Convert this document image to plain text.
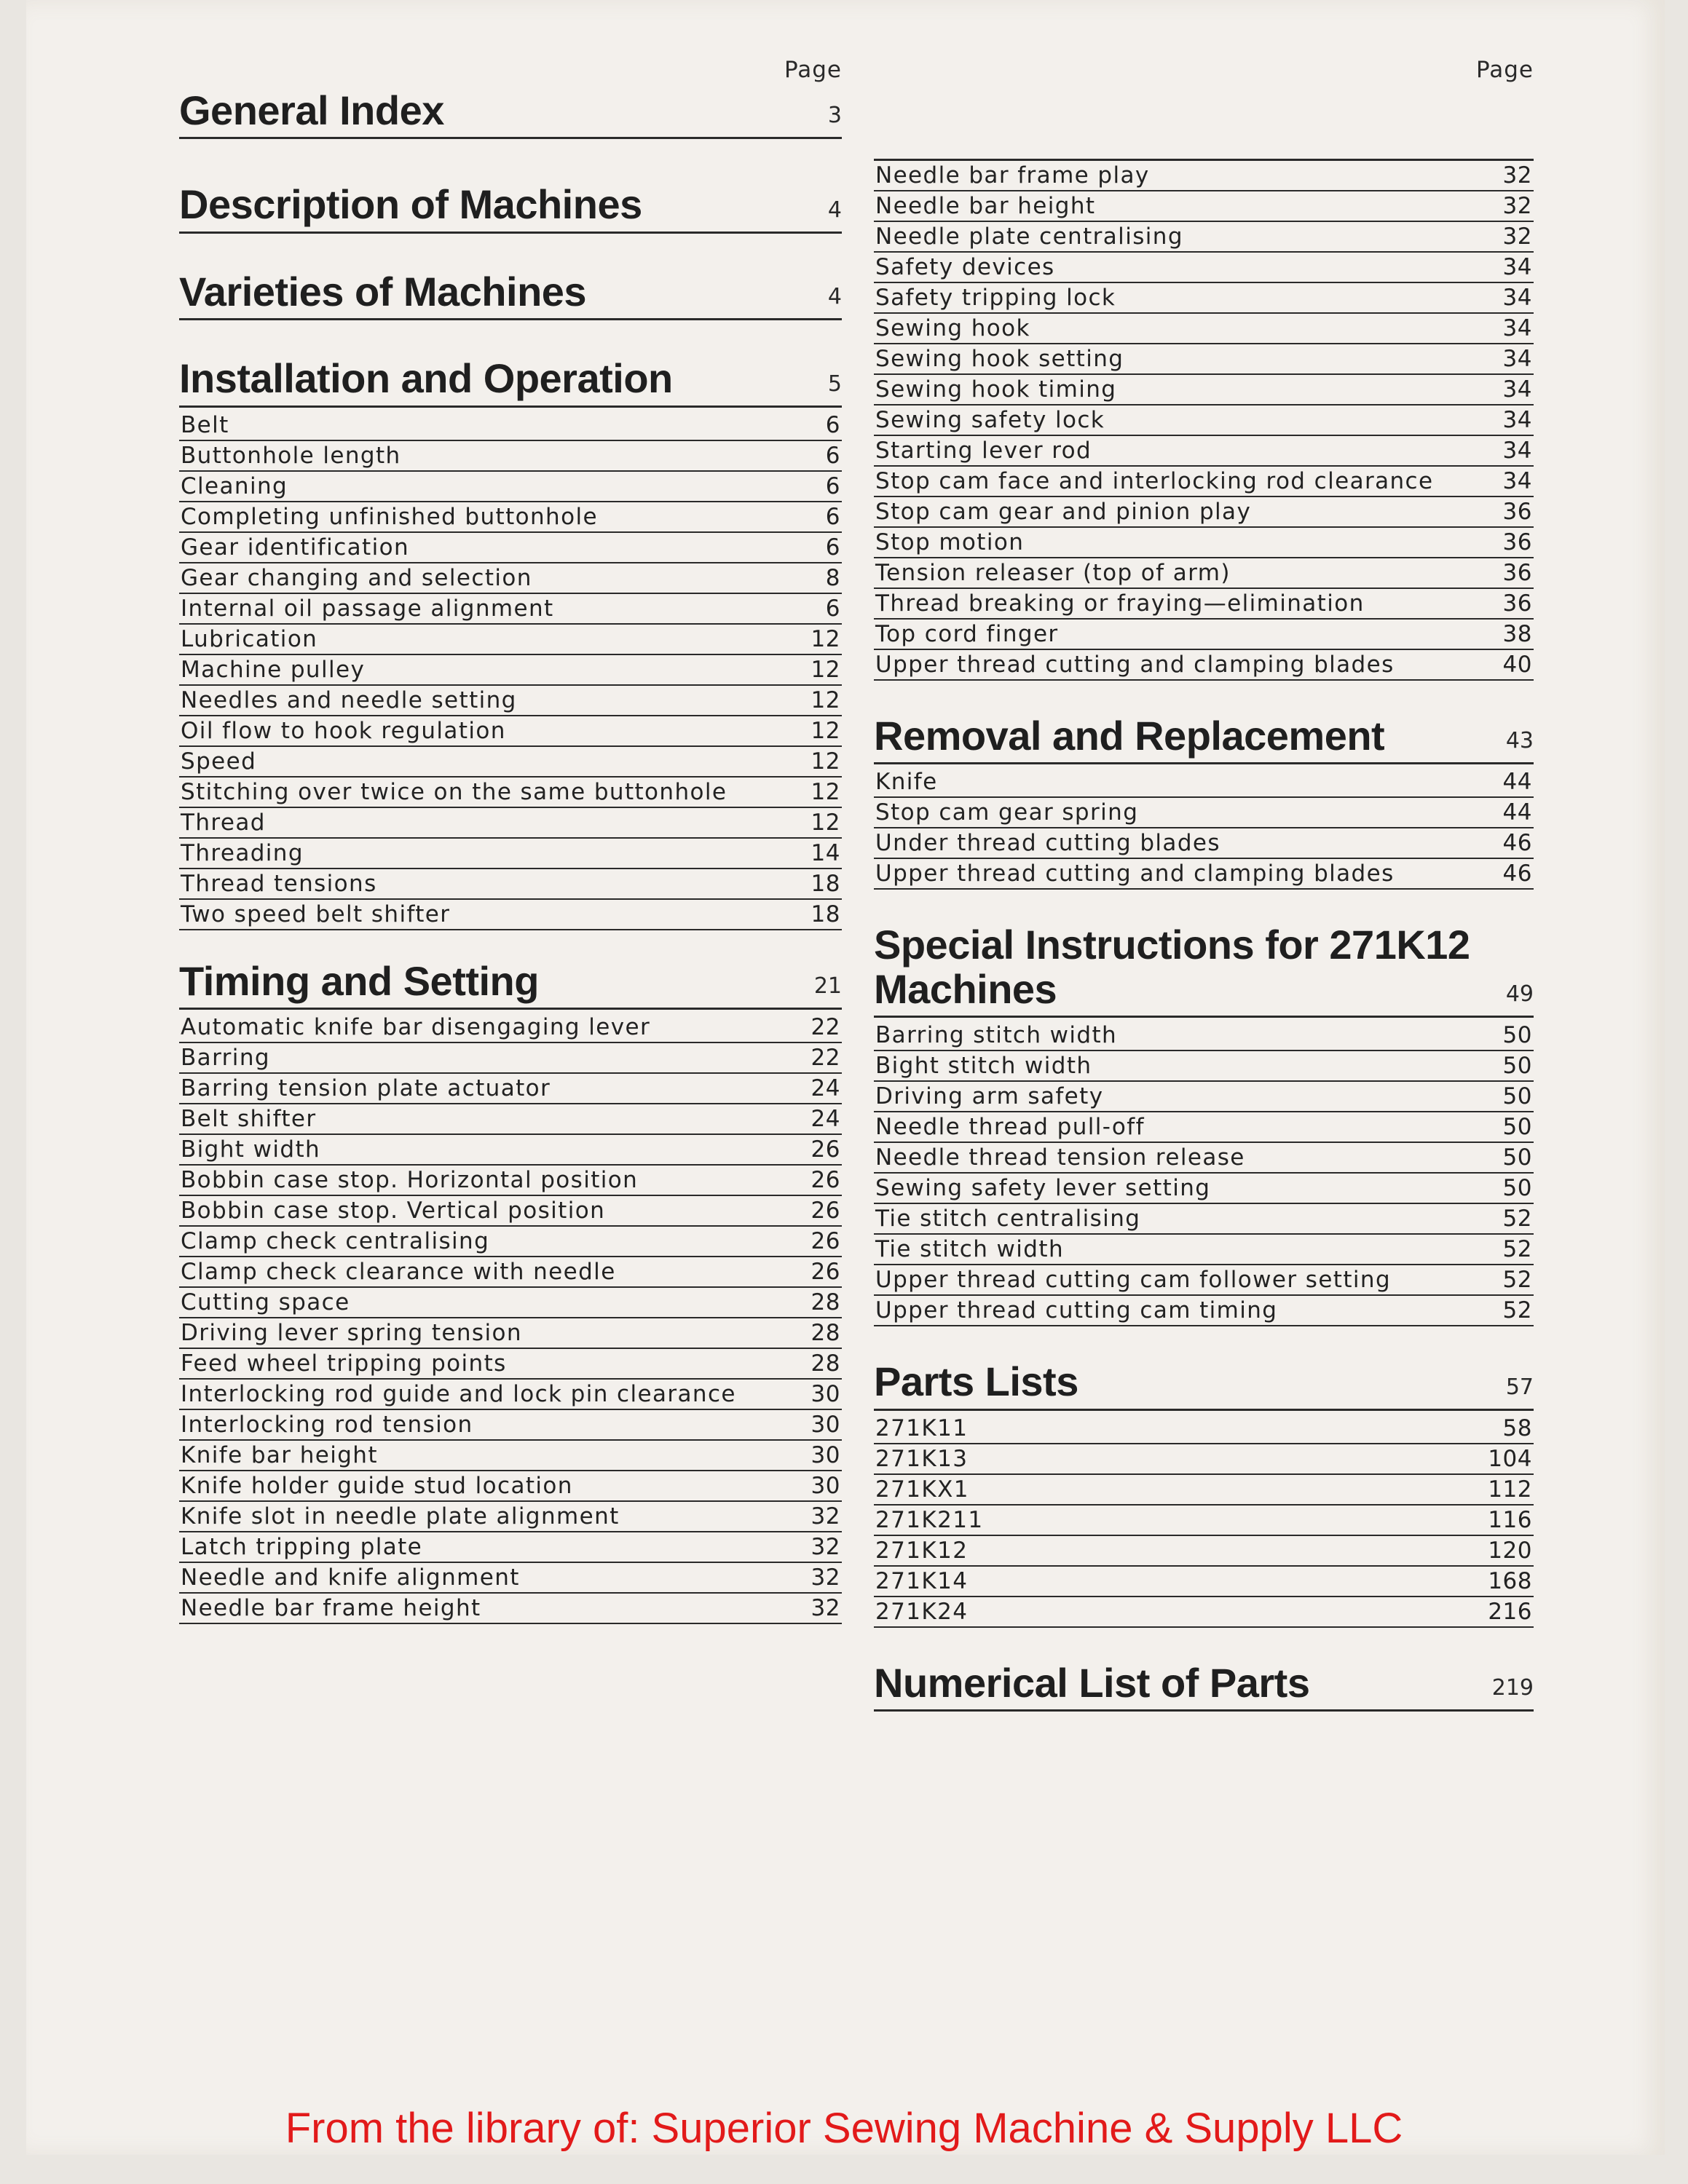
Page
General Index	3
Description of Machines	4
Varieties of Machines	4
Installation and Operation	5
Belt	6
Buttonhole length	6
Cleaning	6
Completing unfinished buttonhole	6
Gear identification	6
Gear changing and selection	8
Internal oil passage alignment	6
Lubrication	12
Machine pulley	12
Needles and needle setting	12
Oil flow to hook regulation	12
Speed	12
Stitching over twice on the same buttonhole	12
Thread	12
Threading	14
Thread tensions	18
Two speed belt shifter	18
Timing and Setting	21
Automatic knife bar disengaging lever	22
Barring	22
Barring tension plate actuator	24
Belt shifter	24
Bight width	26
Bobbin case stop. Horizontal position	26
Bobbin case stop. Vertical position	26
Clamp check centralising	26
Clamp check clearance with needle	26
Cutting space	28
Driving lever spring tension	28
Feed wheel tripping points	28
Interlocking rod guide and lock pin clearance	30
Interlocking rod tension	30
Knife bar height	30
Knife holder guide stud location	30
Knife slot in needle plate alignment	32
Latch tripping plate	32
Needle and knife alignment	32
Needle bar frame height	32
Page
Needle bar frame play	32
Needle bar height	32
Needle plate centralising	32
Safety devices	34
Safety tripping lock	34
Sewing hook	34
Sewing hook setting	34
Sewing hook timing	34
Sewing safety lock	34
Starting lever rod	34
Stop cam face and interlocking rod clearance	34
Stop cam gear and pinion play	36
Stop motion	36
Tension releaser (top of arm)	36
Thread breaking or fraying—elimination	36
Top cord finger	38
Upper thread cutting and clamping blades	40
Removal and Replacement	43
Knife	44
Stop cam gear spring	44
Under thread cutting blades	46
Upper thread cutting and clamping blades	46
Special Instructions for 271K12
Machines	49
Barring stitch width	50
Bight stitch width	50
Driving arm safety	50
Needle thread pull-off	50
Needle thread tension release	50
Sewing safety lever setting	50
Tie stitch centralising	52
Tie stitch width	52
Upper thread cutting cam follower setting	52
Upper thread cutting cam timing	52
Parts Lists	57
271K11	58
271K13	104
271KX1	112
271K211	116
271K12	120
271K14	168
271K24	216
Numerical List of Parts	219
From the library of: Superior Sewing Machine & Supply LLC
